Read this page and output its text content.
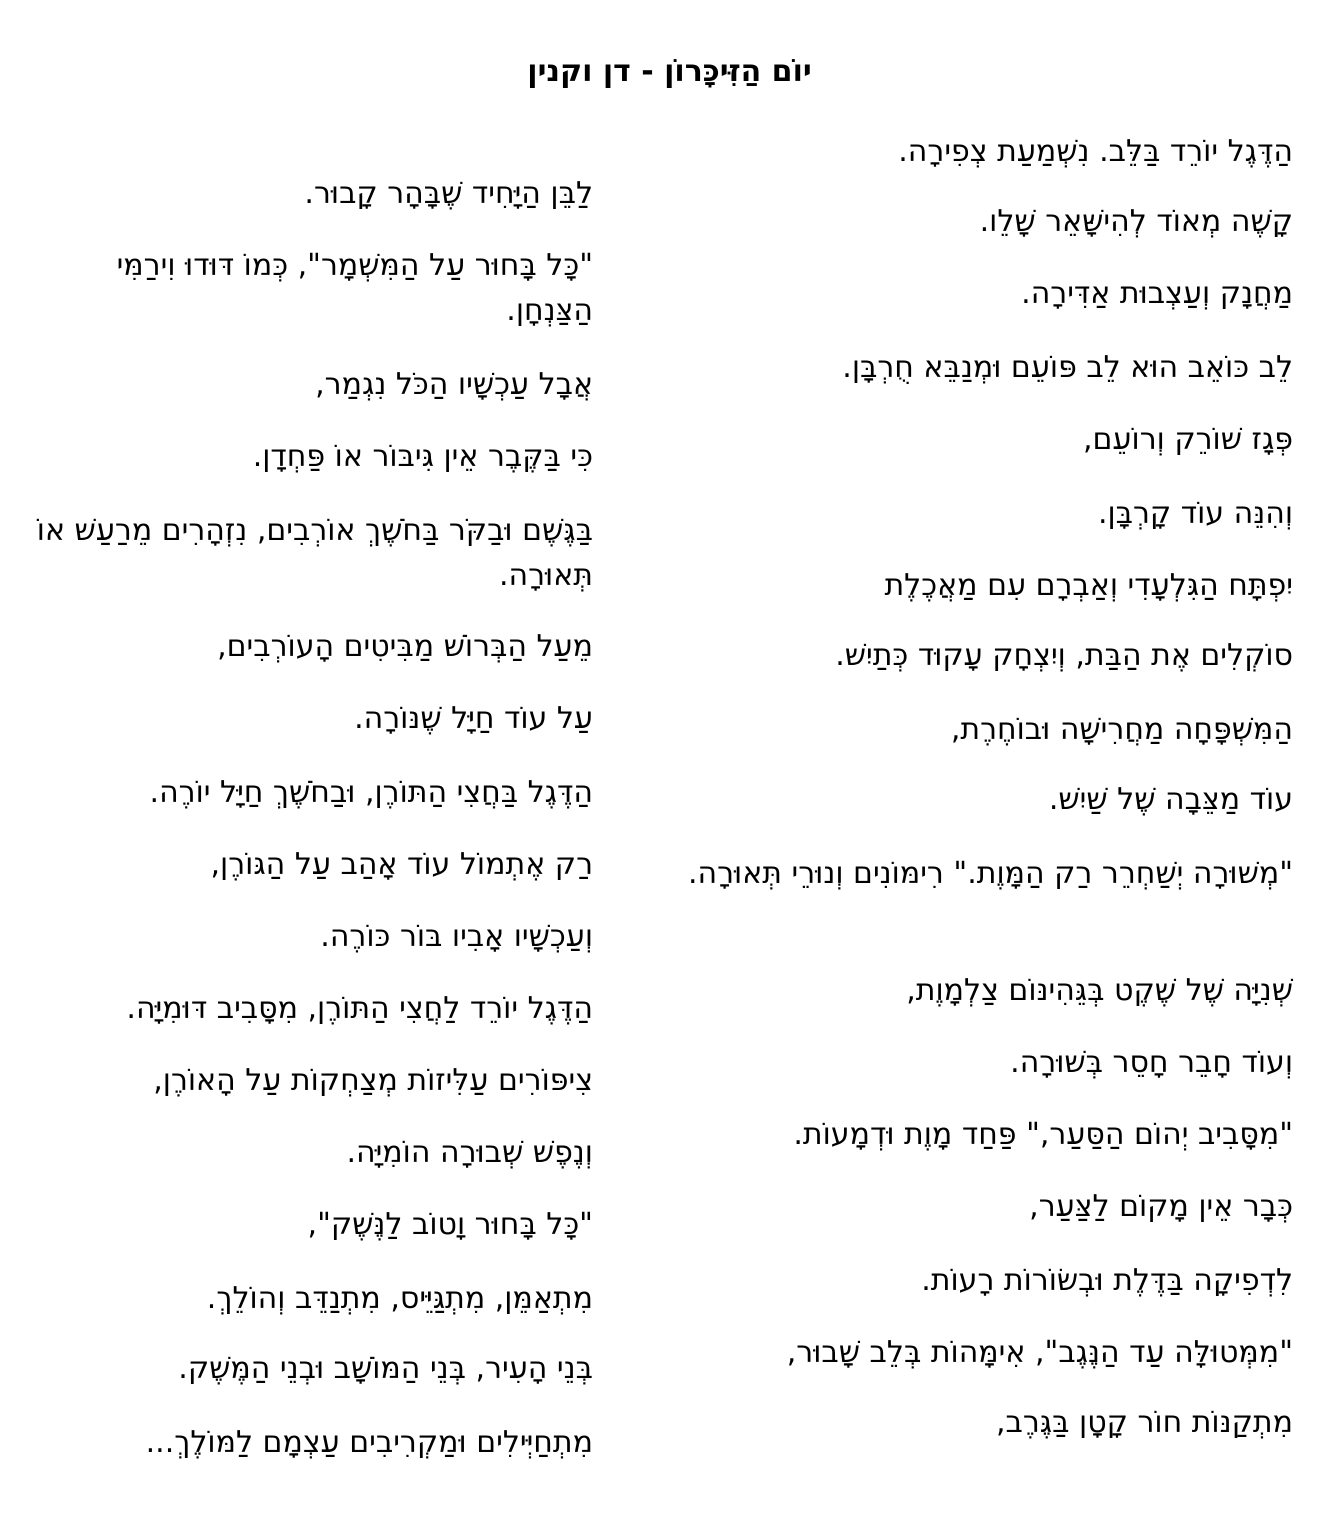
יוֹם הַזִּיכָּרוֹן - דן וקנין

הַדֶּגֶל יוֹרֵד בַּלֵּב. נִשְׁמַעַת צְפִירָה.

קָשֶׁה מְאוֹד לְהִישָּׁאֵר שָׁלֵו.

מַחֲנָק וְעַצְבוּת אַדִּירָה.

לֵב כּוֹאֵב הוּא לֵב פּוֹעֵם וּמְנַבֵּא חֻרְבָּן.

פְּגָז שׁוֹרֵק וְרוֹעֵם,

וְהִנֵּה עוֹד קָרְבָּן.

יִפְתָּח הַגִּלְעָדִי וְאַבְרָם עִם מַאֲכֶלֶת

סוֹקְלִים אֶת הַבַּת, וְיִצְחָק עָקוּד כְּתַיִשׁ.

הַמִּשְׁפָּחָה מַחֲרִישָׁה וּבוֹחֶרֶת,

עוֹד מַצֵּבָה שֶׁל שַׁיִשׁ.

"מְשׁוּרָה יְשַׁחְרֵר רַק הַמָּוֶת." רִימּוֹנִים וְנוּרֵי תְּאוּרָה.

שְׁנִיָּה שֶׁל שֶׁקֶט בְּגֵּהִינּוֹם צַלְמָוֶת,

וְעוֹד חָבֵר חָסֵר בְּשׁוּרָה.

"מִסָּבִיב יְהוֹם הַסַּעַר," פַּחַד מָוֶת וּדְמָעוֹת.

כְּבָר אֵין מָקוֹם לַצַּעַר,

לִדְפִיקָה בַּדֶּלֶת וּבְשׂוֹרוֹת רָעוֹת.

"מִמְּטוּלָּה עַד הַנֶּגֶב", אִימָּהוֹת בְּלֵב שָׁבוּר,

מִתְקַנּוֹת חוֹר קָטָן בַּגֶּרֶב,

לַבֵּן הַיָּחִיד שֶׁבָּהָר קָבוּר.

"כָּל בָּחוּר עַל הַמִּשְׁמָר", כְּמוֹ דּוּדוּ וִירַמִּי הַצַּנְחָן.

אֲבָל עַכְשָׁיו הַכֹּל נִגְמַר,

כִּי בַּקֶּבֶר אֵין גִּיבּוֹר אוֹ פַּחְדָן.

בַּגֶּשֶׁם וּבַקֹּר בַּחֹשֶׁךְ אוֹרְבִים, נִזְהָרִים מֵרַעַשׁ אוֹ תְּאוּרָה.

מֵעַל הַבְּרוֹשׁ מַבִּיטִים הָעוֹרְבִים,

עַל עוֹד חַיָּל שֶׁנּוֹרָה.

הַדֶּגֶל בַּחֲצִי הַתּוֹרֶן, וּבַחֹשֶׁךְ חַיָּל יוֹרֶה.

רַק אֶתְמוֹל עוֹד אָהַב עַל הַגּוֹרֶן,

וְעַכְשָׁיו אָבִיו בּוֹר כּוֹרֶה.

הַדֶּגֶל יוֹרֵד לַחֲצִי הַתּוֹרֶן, מִסָּבִיב דּוּמִיָּה.

צִיפּוֹרִים עַלִּיזוֹת מְצַחְקוֹת עַל הָאוֹרֶן,

וְנֶפֶשׁ שְׁבוּרָה הוֹמִיָּה.

"כָּל בָּחוּר וָטוֹב לַנֶּשֶׁק",

מִתְאַמֵּן, מִתְגַּיֵּיס, מִתְנַדֵּב וְהוֹלֵךְ.

בְּנֵי הָעִיר, בְּנֵי הַמּוֹשָׁב וּבְנֵי הַמֶּשֶׁק.

מִתְחַיְּילִים וּמַקְרִיבִים עַצְמָם לַמּוֹלֶךְ...
